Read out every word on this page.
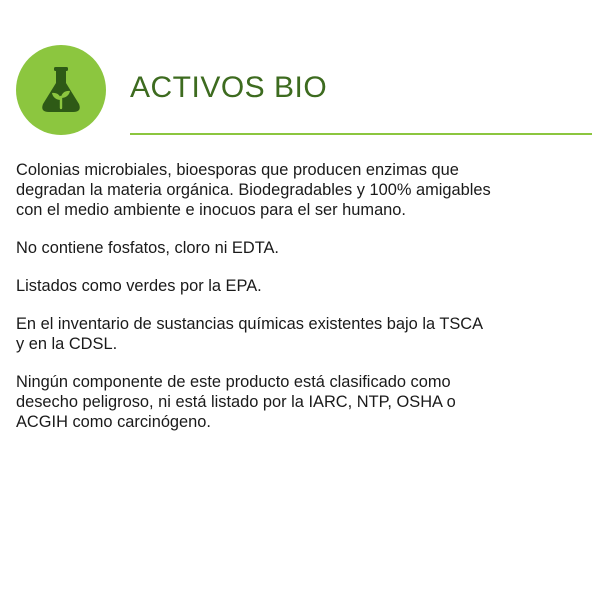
ACTIVOS BIO

Colonias microbiales, bioesporas que producen enzimas que
degradan la materia orgánica. Biodegradables y 100% amigables
con el medio ambiente e inocuos para el ser humano.

No contiene fosfatos, cloro ni EDTA.

Listados como verdes por la EPA.

En el inventario de sustancias químicas existentes bajo la TSCA
y en la CDSL.

Ningún componente de este producto está clasificado como
desecho peligroso, ni está listado por la IARC, NTP, OSHA o
ACGIH como carcinógeno.
